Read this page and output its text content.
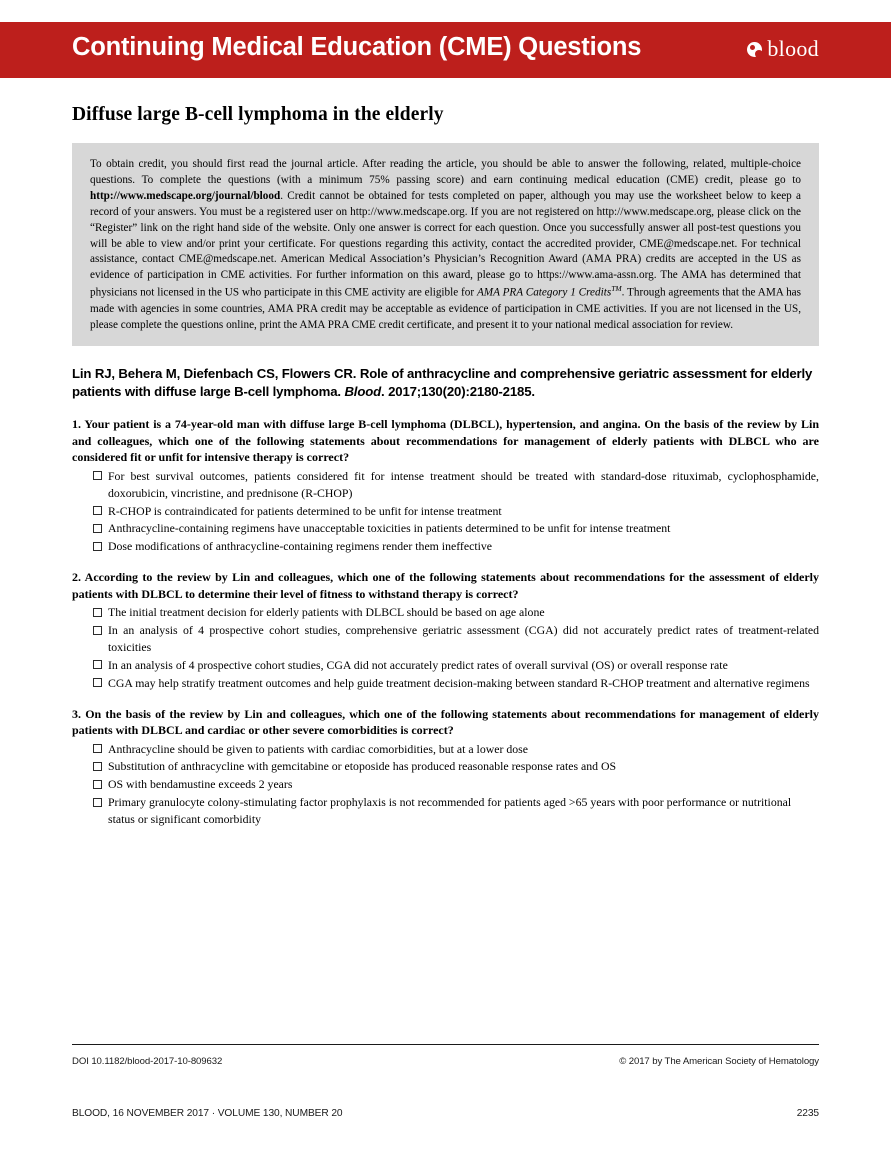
Continuing Medical Education (CME) Questions	blood
Diffuse large B-cell lymphoma in the elderly

To obtain credit, you should first read the journal article. After reading the article, you should be able to answer the following, related, multiple-choice questions. To complete the questions (with a minimum 75% passing score) and earn continuing medical education (CME) credit, please go to http://www.medscape.org/journal/blood. Credit cannot be obtained for tests completed on paper, although you may use the worksheet below to keep a record of your answers. You must be a registered user on http://www.medscape.org. If you are not registered on http://www.medscape.org, please click on the “Register” link on the right hand side of the website. Only one answer is correct for each question. Once you successfully answer all post-test questions you will be able to view and/or print your certificate. For questions regarding this activity, contact the accredited provider, CME@medscape.net. For technical assistance, contact CME@medscape.net. American Medical Association’s Physician’s Recognition Award (AMA PRA) credits are accepted in the US as evidence of participation in CME activities. For further information on this award, please go to https://www.ama-assn.org. The AMA has determined that physicians not licensed in the US who participate in this CME activity are eligible for AMA PRA Category 1 Credits™. Through agreements that the AMA has made with agencies in some countries, AMA PRA credit may be acceptable as evidence of participation in CME activities. If you are not licensed in the US, please complete the questions online, print the AMA PRA CME credit certificate, and present it to your national medical association for review.

Lin RJ, Behera M, Diefenbach CS, Flowers CR. Role of anthracycline and comprehensive geriatric assessment for elderly patients with diffuse large B-cell lymphoma. Blood. 2017;130(20):2180-2185.
1. Your patient is a 74-year-old man with diffuse large B-cell lymphoma (DLBCL), hypertension, and angina. On the basis of the review by Lin and colleagues, which one of the following statements about recommendations for management of elderly patients with DLBCL who are considered fit or unfit for intensive therapy is correct?
For best survival outcomes, patients considered fit for intense treatment should be treated with standard-dose rituximab, cyclophosphamide, doxorubicin, vincristine, and prednisone (R-CHOP)
R-CHOP is contraindicated for patients determined to be unfit for intense treatment
Anthracycline-containing regimens have unacceptable toxicities in patients determined to be unfit for intense treatment
Dose modifications of anthracycline-containing regimens render them ineffective
2. According to the review by Lin and colleagues, which one of the following statements about recommendations for the assessment of elderly patients with DLBCL to determine their level of fitness to withstand therapy is correct?
The initial treatment decision for elderly patients with DLBCL should be based on age alone
In an analysis of 4 prospective cohort studies, comprehensive geriatric assessment (CGA) did not accurately predict rates of treatment-related toxicities
In an analysis of 4 prospective cohort studies, CGA did not accurately predict rates of overall survival (OS) or overall response rate
CGA may help stratify treatment outcomes and help guide treatment decision-making between standard R-CHOP treatment and alternative regimens
3. On the basis of the review by Lin and colleagues, which one of the following statements about recommendations for management of elderly patients with DLBCL and cardiac or other severe comorbidities is correct?
Anthracycline should be given to patients with cardiac comorbidities, but at a lower dose
Substitution of anthracycline with gemcitabine or etoposide has produced reasonable response rates and OS
OS with bendamustine exceeds 2 years
Primary granulocyte colony-stimulating factor prophylaxis is not recommended for patients aged >65 years with poor performance or nutritional status or significant comorbidity
DOI 10.1182/blood-2017-10-809632	© 2017 by The American Society of Hematology
BLOOD, 16 NOVEMBER 2017 · VOLUME 130, NUMBER 20	2235
